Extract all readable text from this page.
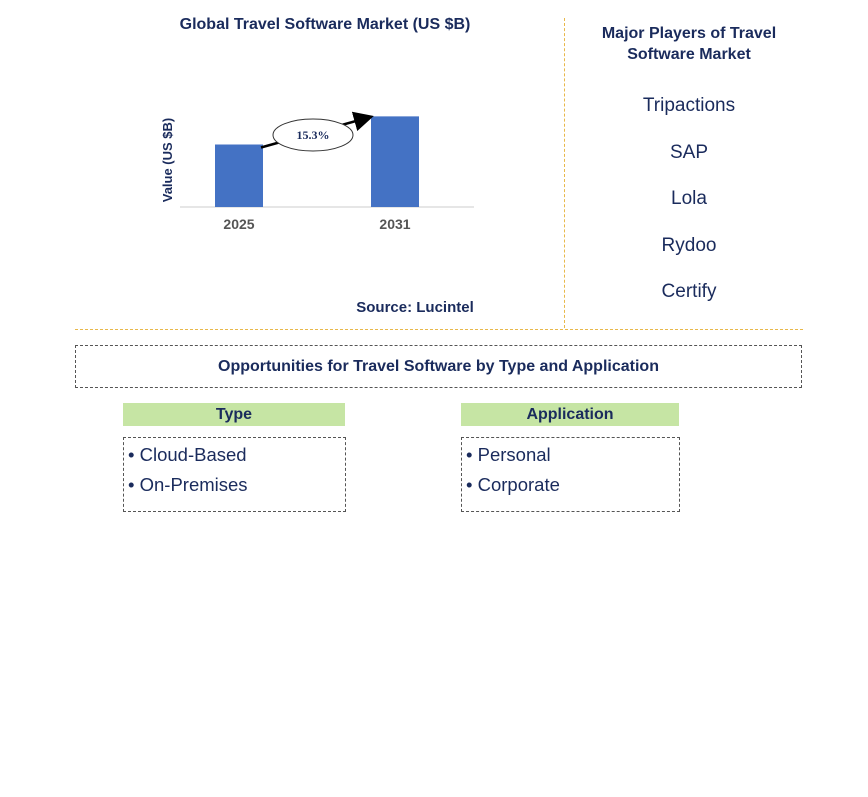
Global Travel Software Market (US $B)
Value (US $B)	15.3%
2025	2031
Source: Lucintel
Major Players of Travel Software Market
Tripactions
SAP
Lola
Rydoo
Certify
Opportunities for Travel Software by Type and Application
Type
• Cloud-Based
• On-Premises
Application
• Personal
• Corporate
